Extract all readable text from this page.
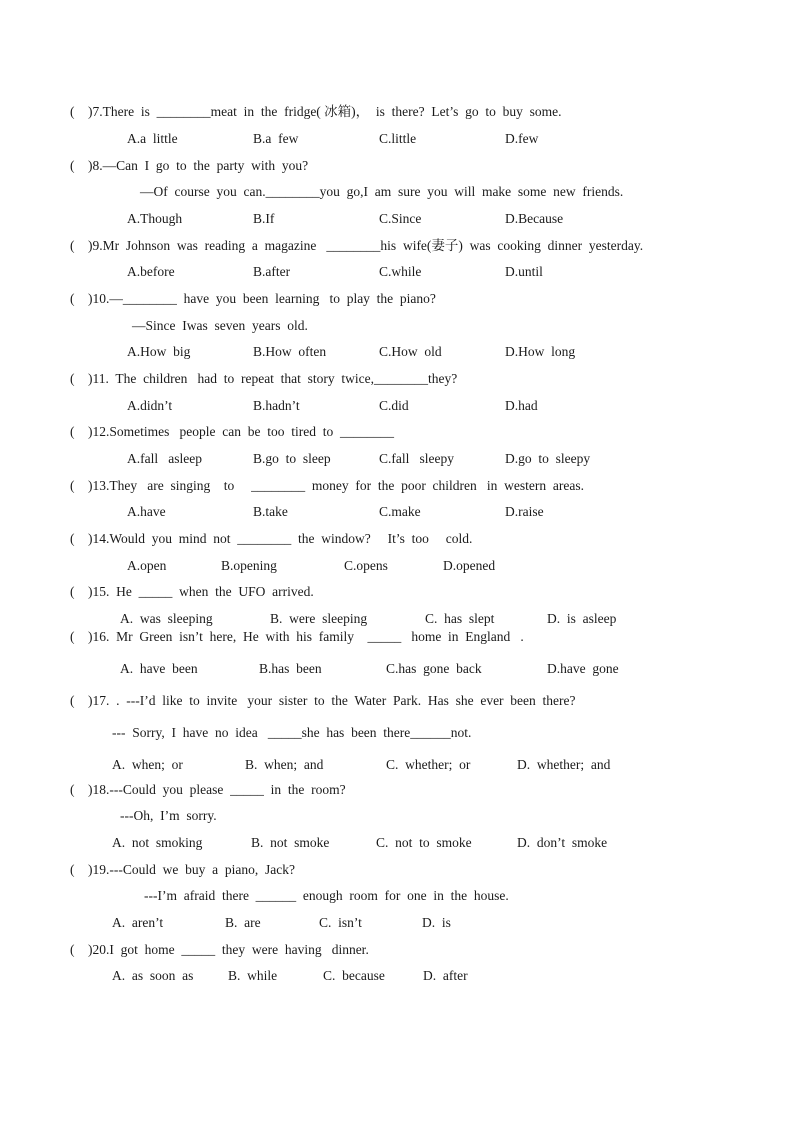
(    )7.There  is  ________meat  in  the  fridge( 冰箱)，  is  there?  Let’s  go  to  buy  some.
A.a  little	B.a  few	C.little	D.few
(    )8.—Can  I  go  to  the  party  with  you?
—Of  course  you  can.________you  go,I  am  sure  you  will  make  some  new  friends.
A.Though	B.If	C.Since	D.Because
(    )9.Mr  Johnson  was  reading  a  magazine   ________his  wife(妻子)  was  cooking  dinner  yesterday.
A.before	B.after	C.while	D.until
(    )10.—________  have  you  been  learning   to  play  the  piano?
—Since  Iwas  seven  years  old.
A.How  big	B.How  often	C.How  old	D.How  long
(    )11.  The  children   had  to  repeat  that  story  twice,________they?
A.didn’t	B.hadn’t	C.did	D.had
(    )12.Sometimes   people  can  be  too  tired  to  ________
A.fall   asleep	B.go  to  sleep	C.fall   sleepy	D.go  to  sleepy
(    )13.They   are  singing    to     ________  money  for  the  poor  children   in  western  areas.
A.have	B.take	C.make	D.raise
(    )14.Would  you  mind  not  ________  the  window?     It’s  too     cold.
A.open	B.opening	C.opens	D.opened
(    )15.  He  _____  when  the  UFO  arrived.
A.  was  sleeping	B.  were  sleeping	C.  has  slept	D.  is  asleep
(    )16.  Mr  Green  isn’t  here,  He  with  his  family    _____   home  in  England   .
A.  have  been	B.has  been	C.has  gone  back	D.have  gone
(    )17.  .  ---I’d  like  to  invite   your  sister  to  the  Water  Park.  Has  she  ever  been  there?
---  Sorry,  I  have  no  idea   _____she  has  been  there______not.
A.  when;  or	B.  when;  and	C.  whether;  or	D.  whether;  and
(    )18.---Could  you  please  _____  in  the  room?
---Oh,  I’m  sorry.
A.  not  smoking	B.  not  smoke	C.  not  to  smoke	D.  don’t  smoke
(    )19.---Could  we  buy  a  piano,  Jack?
---I’m  afraid  there  ______  enough  room  for  one  in  the  house.
A.  aren’t	B.  are	C.  isn’t	D.  is
(    )20.I  got  home  _____  they  were  having   dinner.
A.  as  soon  as	B.  while	C.  because	D.  after
